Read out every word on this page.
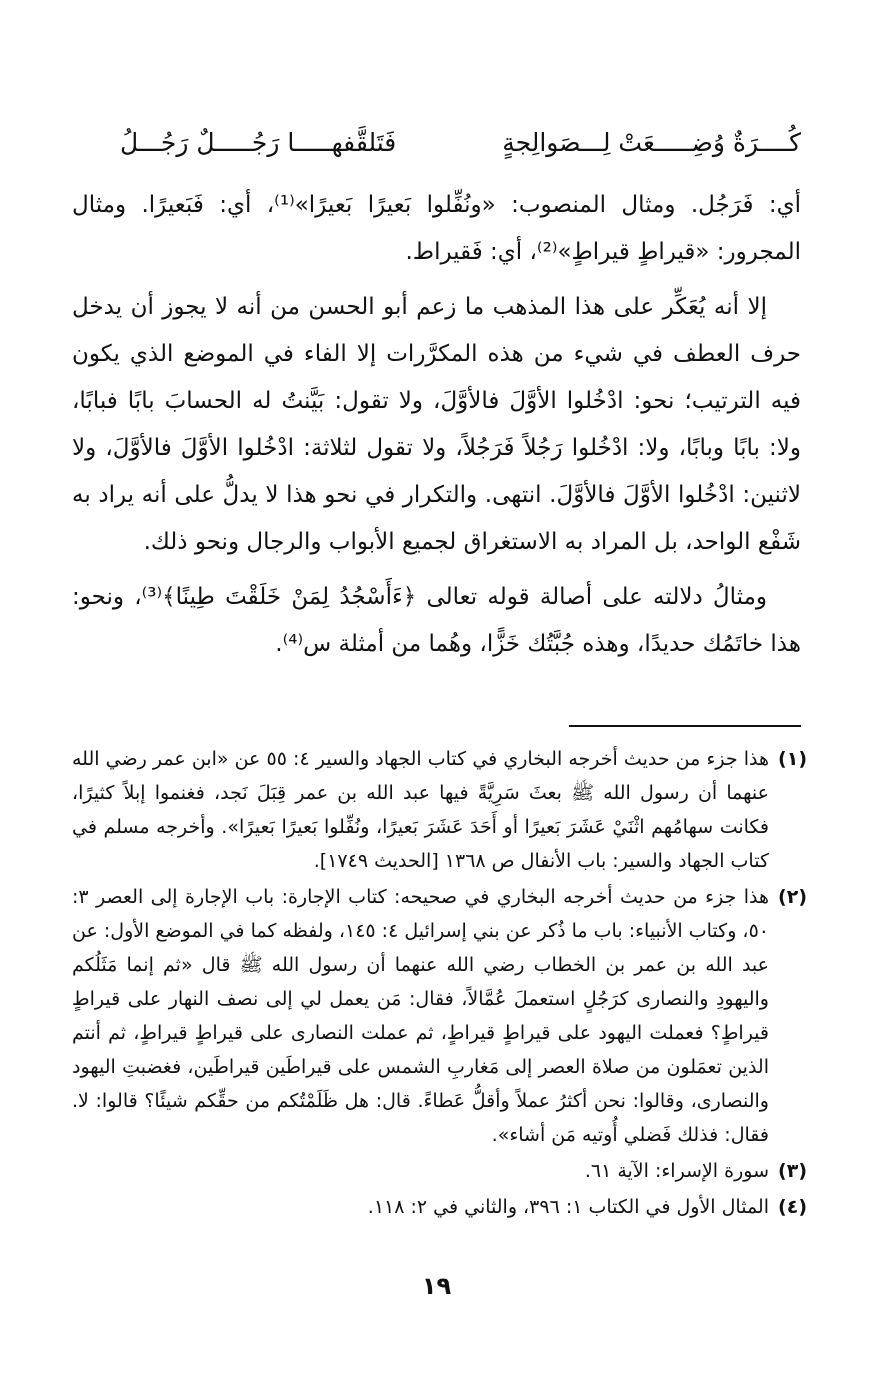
كُــــرَةٌ وُضِـــــعَتْ لِـــصَوالِجةٍ
فَتَلقَّفهـــــا رَجُـــــلٌ رَجُـــلُ

أي: فَرَجُل. ومثال المنصوب: «ونُفِّلوا بَعيرًا بَعيرًا»⁽¹⁾، أي: فَبَعيرًا. ومثال المجرور: «قيراطٍ قيراطٍ»⁽²⁾، أي: فَقيراط.

إلا أنه يُعَكِّر على هذا المذهب ما زعم أبو الحسن من أنه لا يجوز أن يدخل حرف العطف في شيء من هذه المكرَّرات إلا الفاء في الموضع الذي يكون فيه الترتيب؛ نحو: ادْخُلوا الأوَّلَ فالأوَّلَ، ولا تقول: بَيَّنتُ له الحسابَ بابًا فبابًا، ولا: بابًا وبابًا، ولا: ادْخُلوا رَجُلاً فَرَجُلاً، ولا تقول لثلاثة: ادْخُلوا الأوَّلَ فالأوَّلَ، ولا لاثنين: ادْخُلوا الأوَّلَ فالأوَّلَ. انتهى. والتكرار في نحو هذا لا يدلُّ على أنه يراد به شَفْع الواحد، بل المراد به الاستغراق لجميع الأبواب والرجال ونحو ذلك.

ومثالُ دلالته على أصالة قوله تعالى ﴿ءَأَسْجُدُ لِمَنْ خَلَقْتَ طِينًا﴾⁽³⁾، ونحو: هذا خاتَمُك حديدًا، وهذه جُبَّتُك خَزًّا، وهُما من أمثلة س⁽⁴⁾.

(١)
هذا جزء من حديث أخرجه البخاري في كتاب الجهاد والسير ٤: ٥٥ عن «ابن عمر رضي الله عنهما أن رسول الله ﷺ بعثَ سَرِيَّةً فيها عبد الله بن عمر قِبَلَ نَجد، فغنموا إبلاً كثيرًا، فكانت سهامُهم اثْنَيْ عَشَرَ بَعيرًا أو أَحَدَ عَشَرَ بَعيرًا، ونُفِّلوا بَعيرًا بَعيرًا». وأخرجه مسلم في كتاب الجهاد والسير: باب الأنفال ص ١٣٦٨ [الحديث ١٧٤٩].
(٢)
هذا جزء من حديث أخرجه البخاري في صحيحه: كتاب الإجارة: باب الإجارة إلى العصر ٣: ٥٠، وكتاب الأنبياء: باب ما ذُكر عن بني إسرائيل ٤: ١٤٥، ولفظه كما في الموضع الأول: عن عبد الله بن عمر بن الخطاب رضي الله عنهما أن رسول الله ﷺ قال «ثم إنما مَثَلُكم واليهودِ والنصارى كرَجُلٍ استعملَ عُمَّالاً، فقال: مَن يعمل لي إلى نصف النهار على قيراطٍ قيراطٍ؟ فعملت اليهود على قيراطٍ قيراطٍ، ثم عملت النصارى على قيراطٍ قيراطٍ، ثم أنتم الذين تعمَلون من صلاة العصر إلى مَغاربِ الشمس على قيراطَين قيراطَين، فغضبتِ اليهود والنصارى، وقالوا: نحن أكثرُ عملاً وأقلُّ عَطاءً. قال: هل ظَلَمْتُكم من حقِّكم شيئًا؟ قالوا: لا. فقال: فذلك فَضلي أُوتيه مَن أشاء».
(٣)
سورة الإسراء: الآية ٦١.
(٤)
المثال الأول في الكتاب ١: ٣٩٦، والثاني في ٢: ١١٨.
١٩
